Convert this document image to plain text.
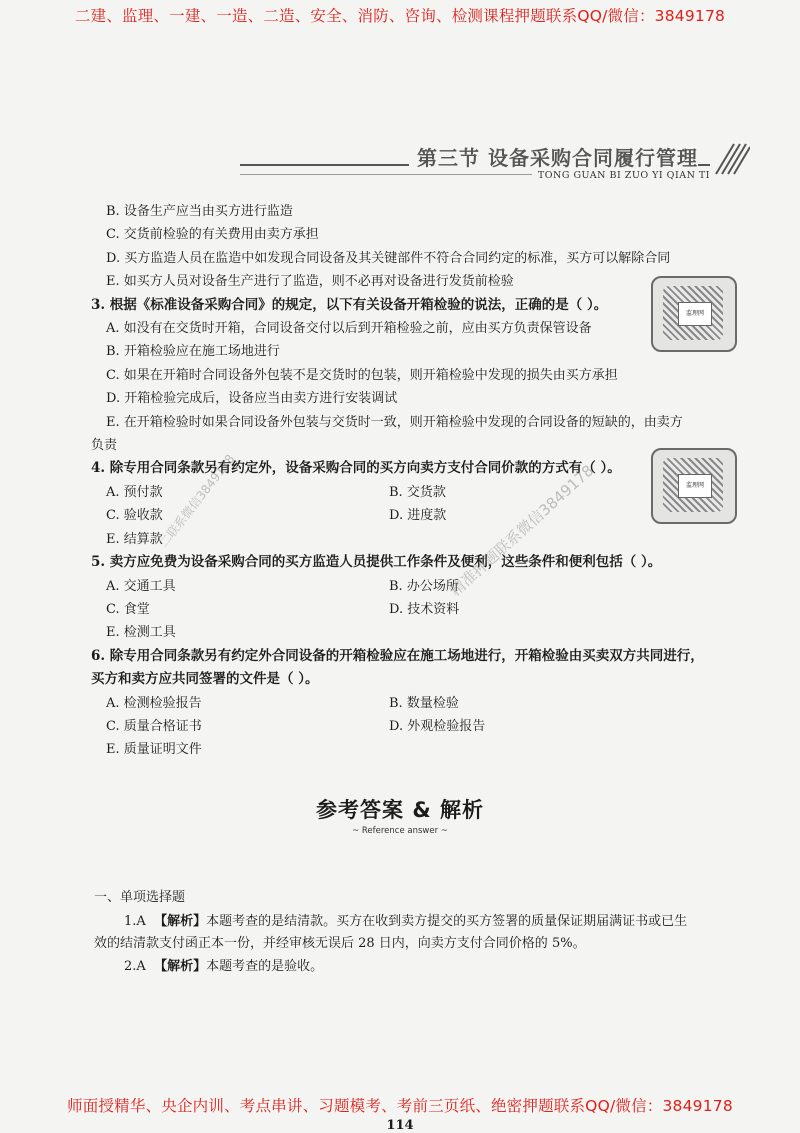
二建、监理、一建、一造、二造、安全、消防、咨询、检测课程押题联系QQ/微信：3849178
第三节 设备采购合同履行管理
TONG GUAN BI ZUO YI QIAN TI
B. 设备生产应当由买方进行监造
C. 交货前检验的有关费用由卖方承担
D. 买方监造人员在监造中如发现合同设备及其关键部件不符合合同约定的标准，买方可以解除合同
E. 如买方人员对设备生产进行了监造，则不必再对设备进行发货前检验
3. 根据《标准设备采购合同》的规定，以下有关设备开箱检验的说法，正确的是（ ）。
A. 如没有在交货时开箱，合同设备交付以后到开箱检验之前，应由买方负责保管设备
B. 开箱检验应在施工场地进行
C. 如果在开箱时合同设备外包装不是交货时的包装，则开箱检验中发现的损失由买方承担
D. 开箱检验完成后，设备应当由卖方进行安装调试
E. 在开箱检验时如果合同设备外包装与交货时一致，则开箱检验中发现的合同设备的短缺的，由卖方
负责
4. 除专用合同条款另有约定外，设备采购合同的买方向卖方支付合同价款的方式有（ ）。
A. 预付款	B. 交货款
C. 验收款	D. 进度款
E. 结算款
5. 卖方应免费为设备采购合同的买方监造人员提供工作条件及便利，这些条件和便利包括（ ）。
A. 交通工具	B. 办公场所
C. 食堂	D. 技术资料
E. 检测工具
6. 除专用合同条款另有约定外合同设备的开箱检验应在施工场地进行，开箱检验由买卖双方共同进行，
买方和卖方应共同签署的文件是（ ）。
A. 检测检验报告	B. 数量检验
C. 质量合格证书	D. 外观检验报告
E. 质量证明文件
监理网
监理网
二联系微信3849178	精准押题联系微信3849178
参考答案 & 解析
~ Reference answer ~
一、单项选择题
1.A 【解析】本题考查的是结清款。买方在收到卖方提交的买方签署的质量保证期届满证书或已生
效的结清款支付函正本一份，并经审核无误后 28 日内，向卖方支付合同价格的 5%。
2.A 【解析】本题考查的是验收。
师面授精华、央企内训、考点串讲、习题模考、考前三页纸、绝密押题联系QQ/微信：3849178
114
